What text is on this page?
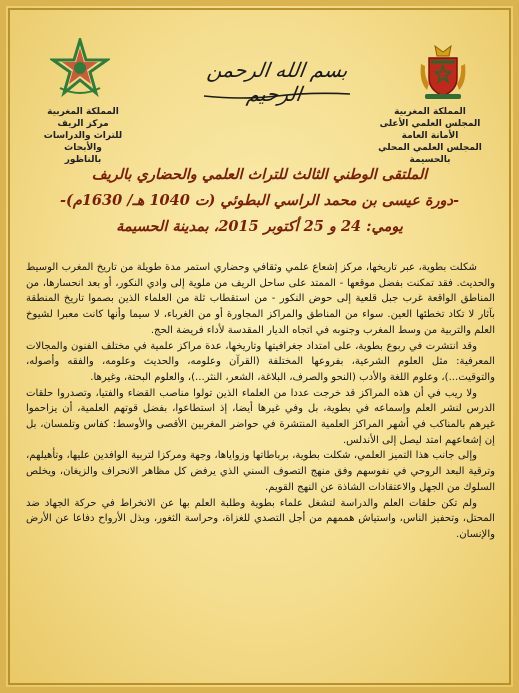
المملكة المغربية
مركز الريف
للتراث والدراسات والأبحاث
بالناظور
المملكة المغربية
المجلس العلمي الأعلى
الأمانة العامة
المجلس العلمي المحلي بالحسيمة
بسم الله الرحمن الرحيم
الملتقى الوطني الثالث للتراث العلمي والحضاري بالريف
-دورة عيسى بن محمد الراسي البطوئي (ت 1040 هـ/ 1630م)-
يومي: 24 و 25 أكتوبر 2015، بمدينة الحسيمة

شكلت بطوية، عبر تاريخها، مركز إشعاع علمي وثقافي وحضاري استمر مدة طويلة من تاريخ المغرب الوسيط والحديث. فقد تمكنت بفضل موقعها - الممتد على ساحل الريف من ملوية إلى وادي النكور، أو بعد انحسارها، من المناطق الواقعة غرب جبل قلعية إلى حوض النكور - من استقطاب ثلة من العلماء الذين بصموا تاريخ المنطقة بآثار لا تكاد تخطئها العين. سواء من المناطق والمراكز المجاورة أو من الغرباء، لا سيما وأنها كانت معبرا لشيوخ العلم والتربية من وسط المغرب وجنوبه في اتجاه الديار المقدسة لأداء فريضة الحج.

وقد انتشرت في ربوع بطوية، على امتداد جغرافيتها وتاريخها، عدة مراكز علمية في مختلف الفنون والمجالات المعرفية: مثل العلوم الشرعية، بفروعها المختلفة (القرآن وعلومه، والحديث وعلومه، والفقه وأصوله، والتوقيت...)، وعلوم اللغة والأدب (النحو والصرف، البلاغة، الشعر، النثر...)، والعلوم البحتة، وغيرها.

ولا ريب في أن هذه المراكز قد خرجت عددا من العلماء الذين تولوا مناصب القضاء والفتيا، وتصدروا حلقات الدرس لنشر العلم وإسماعه في بطوية، بل وفي غيرها أيضا، إذ استطاعوا، بفضل قوتهم العلمية، أن يزاحموا غيرهم بالمناكب في أشهر المراكز العلمية المنتشرة في حواضر المغربين الأقصى والأوسط: كفاس وتلمسان، بل إن إشعاعهم امتد ليصل إلى الأندلس.

وإلى جانب هذا التميز العلمي، شكلت بطوية، برباطاتها وزواياها، وجهة ومركزا لتربية الوافدين عليها، وتأهيلهم، وترقية البعد الروحي في نفوسهم وفق منهج التصوف السني الذي يرفض كل مظاهر الانحراف والزيغان، ويخلص السلوك من الجهل والاعتقادات الشاذة عن النهج القويم.

ولم تكن حلقات العلم والدراسة لتشغل علماء بطوية وطلبة العلم بها عن الانخراط في حركة الجهاد ضد المحتل، وتحفيز الناس، واستياش هممهم من أجل التصدي للغزاة، وحراسة الثغور، وبذل الأرواح دفاعا عن الأرض والإنسان.
